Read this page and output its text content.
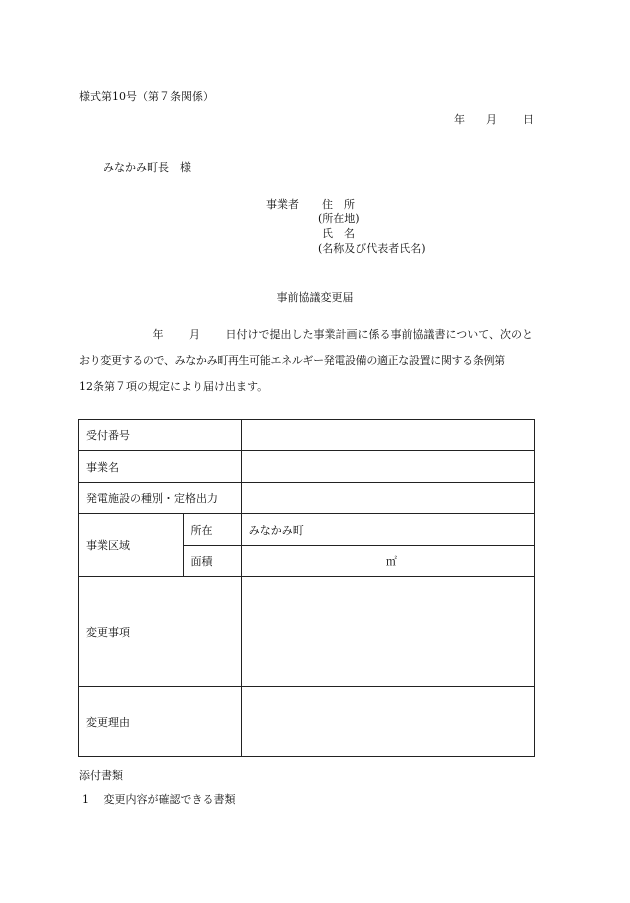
様式第10号（第７条関係）
年 月 日
みなかみ町長　様
事業者 住　所
(所在地)
氏　名
(名称及び代表者氏名)
事前協議変更届
年 月 日付けで提出した事業計画に係る事前協議書について、次のと
おり変更するので、みなかみ町再生可能エネルギー発電設備の適正な設置に関する条例第
12条第７項の規定により届け出ます。
受付番号		
事業名		
発電施設の種別・定格出力		
事業区域	所在	みなかみ町
	面積	㎡
変更事項		
変更理由		
添付書類
1　 変更内容が確認できる書類
